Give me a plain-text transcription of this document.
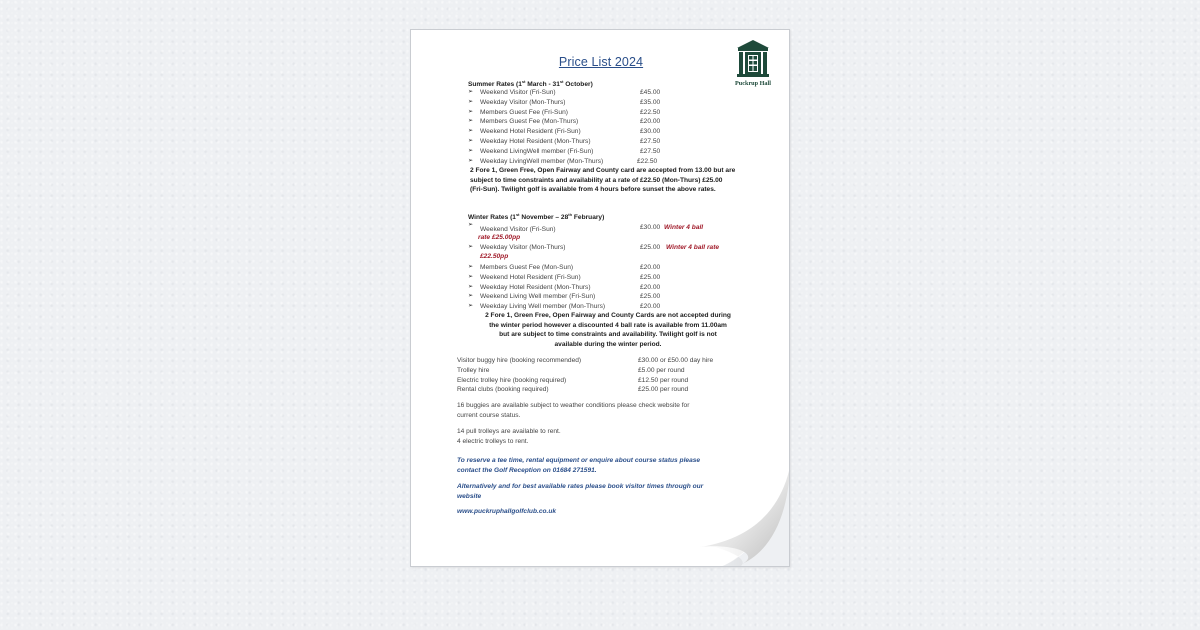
Price List 2024
Puckrup Hall
Summer Rates (1st March - 31st October)
➢ Weekend Visitor (Fri-Sun)	£45.00
➢ Weekday Visitor (Mon-Thurs)	£35.00
➢ Members Guest Fee (Fri-Sun)	£22.50
➢ Members Guest Fee (Mon-Thurs)	£20.00
➢ Weekend Hotel Resident (Fri-Sun)	£30.00
➢ Weekday Hotel Resident (Mon-Thurs)	£27.50
➢ Weekend LivingWell member (Fri-Sun)	£27.50
➢ Weekday LivingWell member (Mon-Thurs)	£22.50
2 Fore 1, Green Free, Open Fairway and County card are accepted from 13.00 but are
subject to time constraints and availability at a rate of £22.50 (Mon-Thurs) £25.00
(Fri-Sun). Twilight golf is available from 4 hours before sunset the above rates.
Winter Rates (1st November – 28th February)
➢
Weekend Visitor (Fri-Sun)	£30.00 Winter 4 ball
rate £25.00pp
➢ Weekday Visitor (Mon-Thurs)	£25.00 Winter 4 ball rate
£22.50pp
➢ Members Guest Fee (Mon-Sun)	£20.00
➢ Weekend Hotel Resident (Fri-Sun)	£25.00
➢ Weekday Hotel Resident (Mon-Thurs)	£20.00
➢ Weekend Living Well member (Fri-Sun)	£25.00
➢ Weekday Living Well member (Mon-Thurs)	£20.00
2 Fore 1, Green Free, Open Fairway and County Cards are not accepted during
the winter period however a discounted 4 ball rate is available from 11.00am
but are subject to time constraints and availability. Twilight golf is not
available during the winter period.
Visitor buggy hire (booking recommended)	£30.00 or £50.00 day hire
Trolley hire	£5.00 per round
Electric trolley hire (booking required)	£12.50 per round
Rental clubs (booking required)	£25.00 per round
16 buggies are available subject to weather conditions please check website for
current course status.
14 pull trolleys are available to rent.
4 electric trolleys to rent.
To reserve a tee time, rental equipment or enquire about course status please
contact the Golf Reception on 01684 271591.
Alternatively and for best available rates please book visitor times through our
website
www.puckruphallgolfclub.co.uk
